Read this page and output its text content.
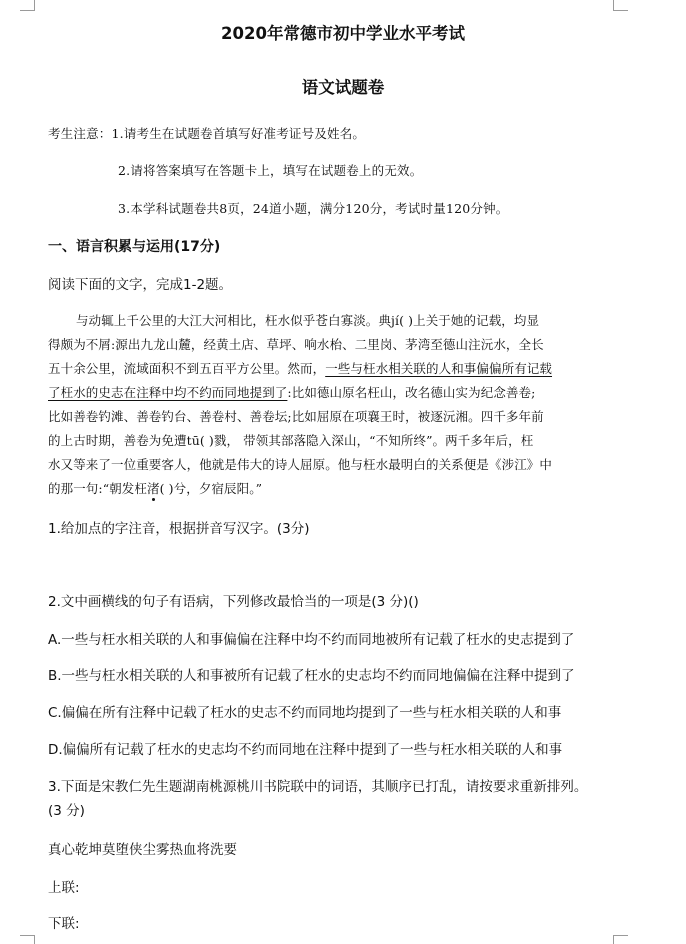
2020年常德市初中学业水平考试
语文试题卷
考生注意：1.请考生在试题卷首填写好准考证号及姓名。
2.请将答案填写在答题卡上，填写在试题卷上的无效。
3.本学科试题卷共8页，24道小题，满分120分，考试时量120分钟。
一、语言积累与运用(17分)
阅读下面的文字，完成1-2题。
与动辄上千公里的大江大河相比，枉水似乎苍白寡淡。典jí( )上关于她的记载，均显
得颇为不屑:源出九龙山麓，经黄土店、草坪、响水枱、二里岗、茅湾至德山注沅水，全长
五十余公里，流域面积不到五百平方公里。然而，一些与枉水相关联的人和事偏偏所有记载
了枉水的史志在注释中均不约而同地提到了:比如德山原名枉山，改名德山实为纪念善卷;
比如善卷钓滩、善卷钓台、善卷村、善卷坛;比如屈原在项襄王时，被逐沅湘。四千多年前
的上古时期，善卷为免遭tū( )戮， 带领其部落隐入深山，“不知所终”。两千多年后，枉
水又等来了一位重要客人，他就是伟大的诗人屈原。他与枉水最明白的关系便是《涉江》中
的那一句:“朝发枉渚( )兮，夕宿辰阳。”
1.给加点的字注音，根据拼音写汉字。(3分)
2.文中画横线的句子有语病，下列修改最恰当的一项是(3 分)()
A.一些与枉水相关联的人和事偏偏在注释中均不约而同地被所有记载了枉水的史志提到了
B.一些与枉水相关联的人和事被所有记载了枉水的史志均不约而同地偏偏在注释中提到了
C.偏偏在所有注释中记载了枉水的史志不约而同地均提到了一些与枉水相关联的人和事
D.偏偏所有记载了枉水的史志均不约而同地在注释中提到了一些与枉水相关联的人和事
3.下面是宋教仁先生题湖南桃源桃川书院联中的词语，其顺序已打乱，请按要求重新排列。
(3 分)
真心乾坤莫堕侠尘雾热血将洗要
上联:
下联:
